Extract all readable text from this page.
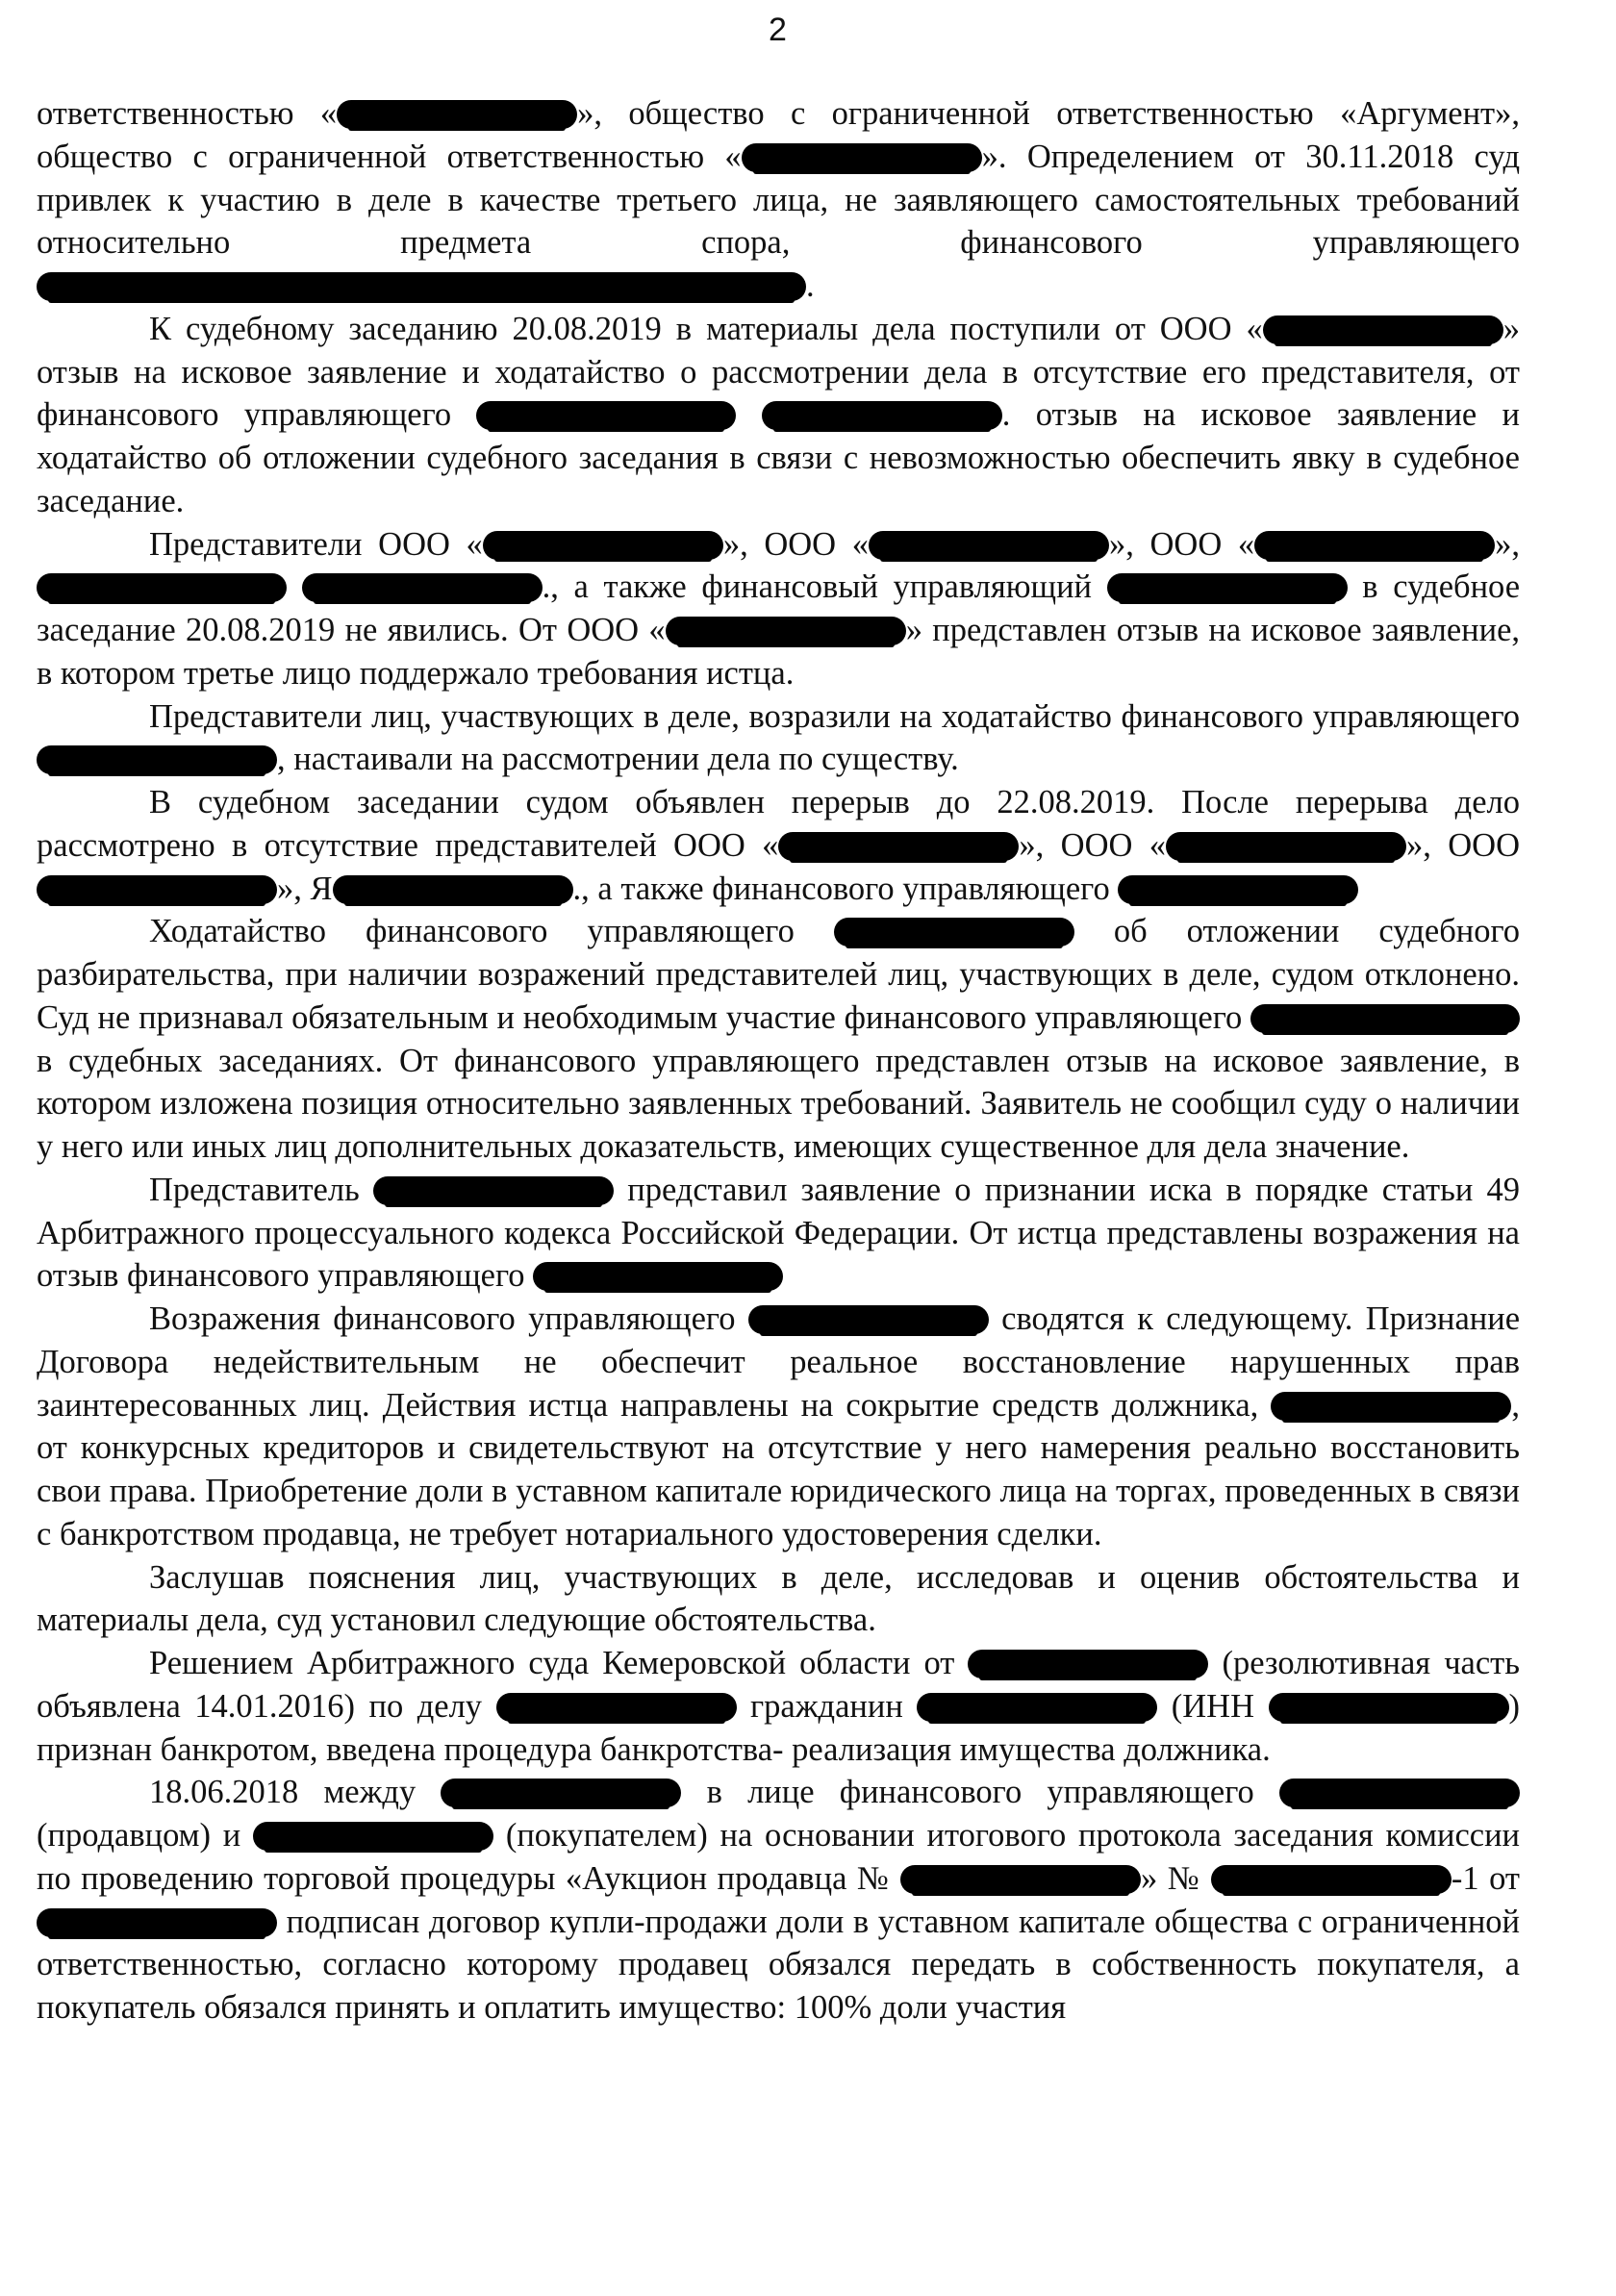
2

ответственностью «	», общество с ограниченной ответственностью «Аргумент», общество с ограниченной ответственностью «	». Определением от 30.11.2018 суд привлек к участию в деле в качестве третьего лица, не заявляющего самостоятельных требований относительно предмета спора, финансового управляющего .

К судебному заседанию 20.08.2019 в материалы дела поступили от ООО «	» отзыв на исковое заявление и ходатайство о рассмотрении дела в отсутствие его представителя, от финансового управляющего	. отзыв на исковое заявление и ходатайство об отложении судебного заседания в связи с невозможностью обеспечить явку в судебное заседание.

Представители ООО «	», ООО «	», ООО «	»,  ., а также финансовый управляющий	в судебное заседание 20.08.2019 не явились. От ООО «	» представлен отзыв на исковое заявление, в котором третье лицо поддержало требования истца.

Представители лиц, участвующих в деле, возразили на ходатайство финансового управляющего , настаивали на рассмотрении дела по существу.

В судебном заседании судом объявлен перерыв до 22.08.2019. После перерыва дело рассмотрено в отсутствие представителей ООО «	», ООО «	», ООО », Я	., а также финансового управляющего

Ходатайство финансового управляющего	об отложении судебного разбирательства, при наличии возражений представителей лиц, участвующих в деле, судом отклонено. Суд не признавал обязательным и необходимым участие финансового управляющего  в судебных заседаниях. От финансового управляющего представлен отзыв на исковое заявление, в котором изложена позиция относительно заявленных требований. Заявитель не сообщил суду о наличии у него или иных лиц дополнительных доказательств, имеющих существенное для дела значение.

Представитель	представил заявление о признании иска в порядке статьи 49 Арбитражного процессуального кодекса Российской Федерации. От истца представлены возражения на отзыв финансового управляющего

Возражения финансового управляющего	сводятся к следующему. Признание Договора недействительным не обеспечит реальное восстановление нарушенных прав заинтересованных лиц. Действия истца направлены на сокрытие средств должника,	, от конкурсных кредиторов и свидетельствуют на отсутствие у него намерения реально восстановить свои права. Приобретение доли в уставном капитале юридического лица на торгах, проведенных в связи с банкротством продавца, не требует нотариального удостоверения сделки.

Заслушав пояснения лиц, участвующих в деле, исследовав и оценив обстоятельства и материалы дела, суд установил следующие обстоятельства.

Решением Арбитражного суда Кемеровской области от	(резолютивная часть объявлена 14.01.2016) по делу	гражданин	(ИНН	) признан банкротом, введена процедура банкротства- реализация имущества должника.

18.06.2018 между	в лице финансового управляющего  (продавцом) и	(покупателем) на основании итогового протокола заседания комиссии по проведению торговой процедуры «Аукцион продавца №	» №	-1 от  подписан договор купли-продажи доли в уставном капитале общества с ограниченной ответственностью, согласно которому продавец обязался передать в собственность покупателя, а покупатель обязался принять и оплатить имущество: 100% доли участия
